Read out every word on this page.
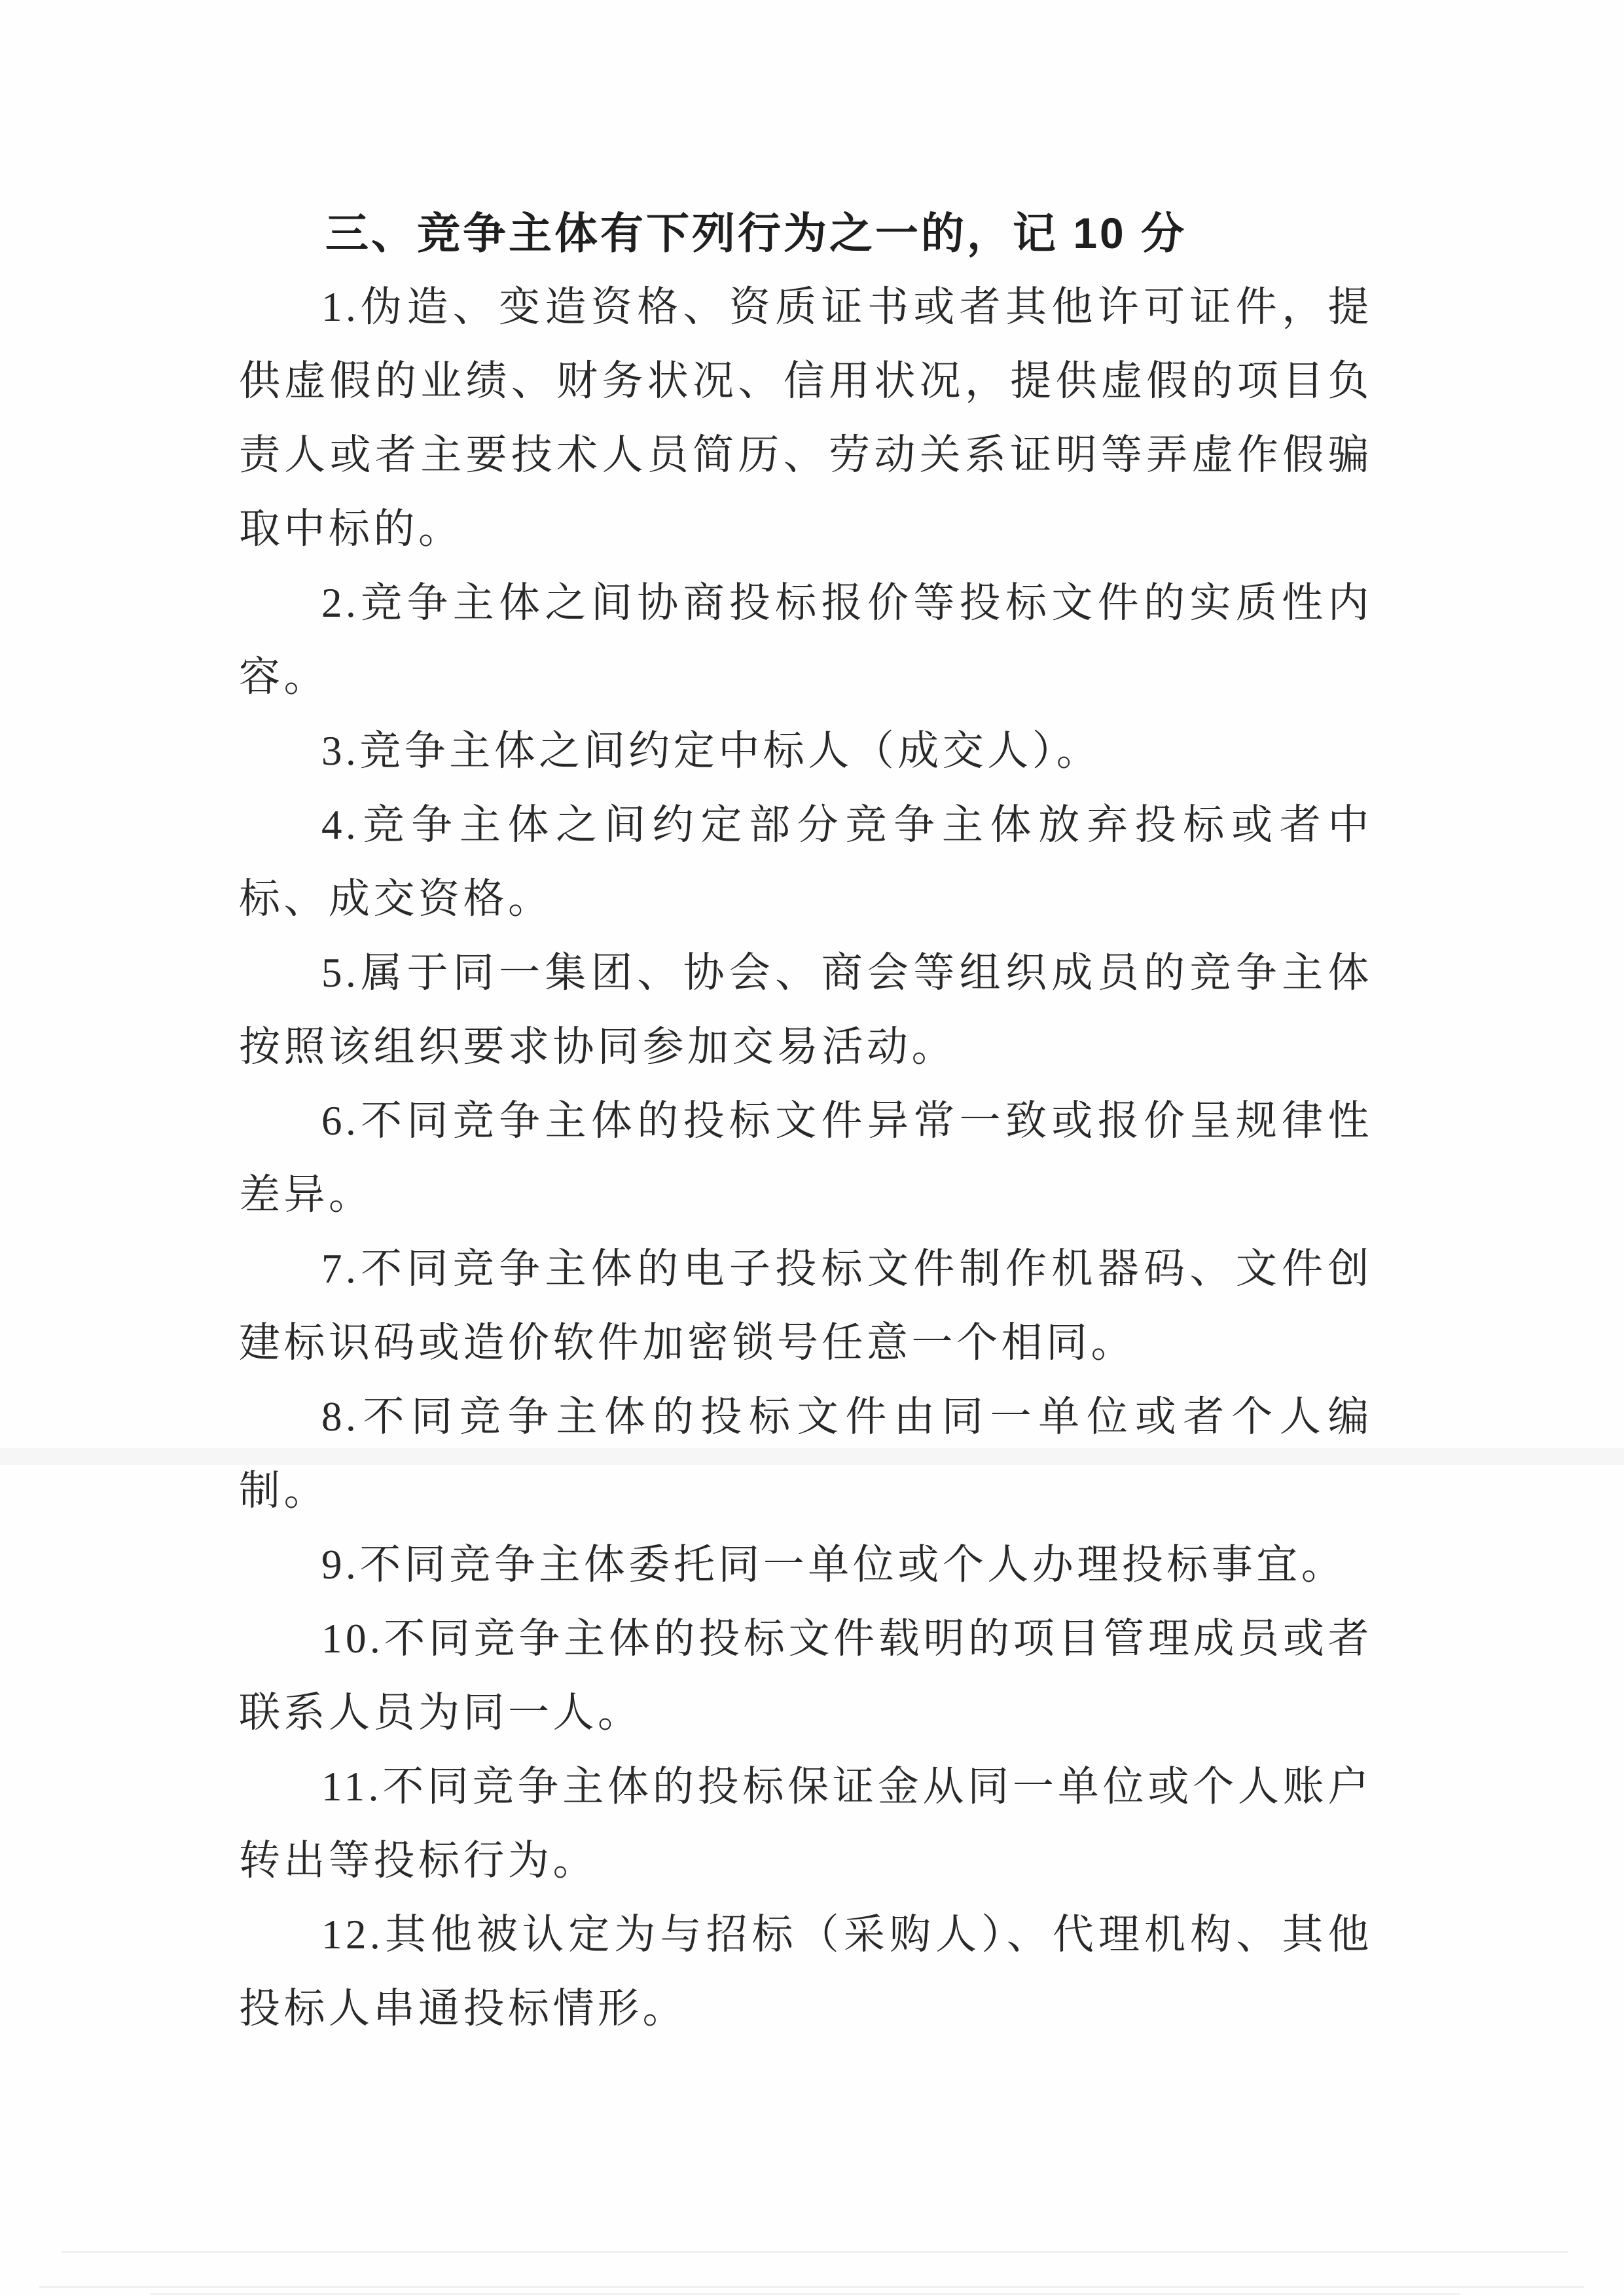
三、竞争主体有下列行为之一的，记 10 分

1.伪造、变造资格、资质证书或者其他许可证件，提供虚假的业绩、财务状况、信用状况，提供虚假的项目负责人或者主要技术人员简历、劳动关系证明等弄虚作假骗取中标的。

2.竞争主体之间协商投标报价等投标文件的实质性内容。

3.竞争主体之间约定中标人（成交人）。

4.竞争主体之间约定部分竞争主体放弃投标或者中标、成交资格。

5.属于同一集团、协会、商会等组织成员的竞争主体按照该组织要求协同参加交易活动。

6.不同竞争主体的投标文件异常一致或报价呈规律性差异。

7.不同竞争主体的电子投标文件制作机器码、文件创建标识码或造价软件加密锁号任意一个相同。

8.不同竞争主体的投标文件由同一单位或者个人编制。

9.不同竞争主体委托同一单位或个人办理投标事宜。

10.不同竞争主体的投标文件载明的项目管理成员或者联系人员为同一人。

11.不同竞争主体的投标保证金从同一单位或个人账户转出等投标行为。

12.其他被认定为与招标（采购人）、代理机构、其他投标人串通投标情形。
